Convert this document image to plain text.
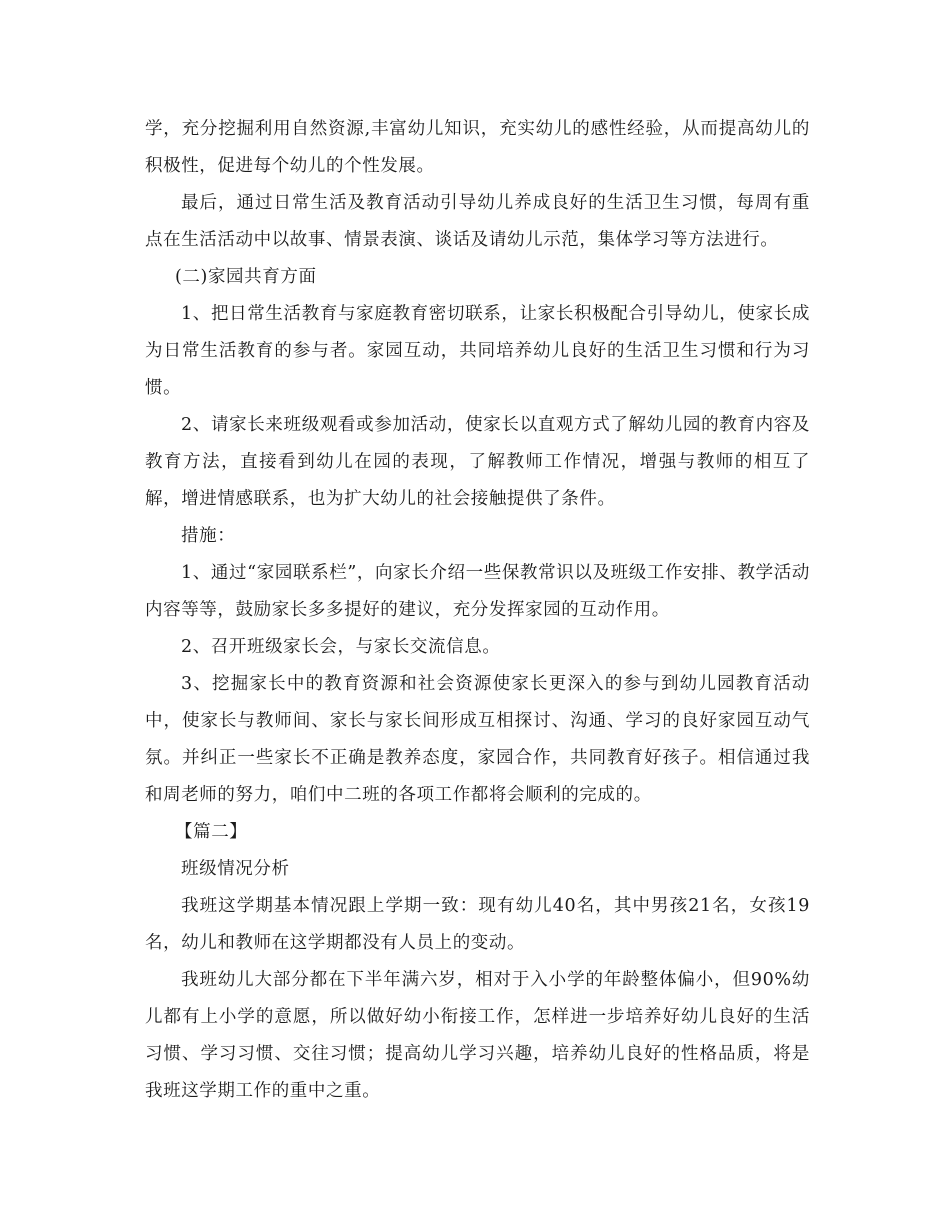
学，充分挖掘利用自然资源,丰富幼儿知识，充实幼儿的感性经验，从而提高幼儿的积极性，促进每个幼儿的个性发展。

最后，通过日常生活及教育活动引导幼儿养成良好的生活卫生习惯，每周有重点在生活活动中以故事、情景表演、谈话及请幼儿示范，集体学习等方法进行。

(二)家园共育方面

1、把日常生活教育与家庭教育密切联系，让家长积极配合引导幼儿，使家长成为日常生活教育的参与者。家园互动，共同培养幼儿良好的生活卫生习惯和行为习惯。

2、请家长来班级观看或参加活动，使家长以直观方式了解幼儿园的教育内容及教育方法，直接看到幼儿在园的表现，了解教师工作情况，增强与教师的相互了解，增进情感联系，也为扩大幼儿的社会接触提供了条件。

措施：

1、通过“家园联系栏”，向家长介绍一些保教常识以及班级工作安排、教学活动内容等等，鼓励家长多多提好的建议，充分发挥家园的互动作用。

2、召开班级家长会，与家长交流信息。

3、挖掘家长中的教育资源和社会资源使家长更深入的参与到幼儿园教育活动中，使家长与教师间、家长与家长间形成互相探讨、沟通、学习的良好家园互动气氛。并纠正一些家长不正确是教养态度，家园合作，共同教育好孩子。相信通过我和周老师的努力，咱们中二班的各项工作都将会顺利的完成的。

【篇二】

班级情况分析

我班这学期基本情况跟上学期一致：现有幼儿40名，其中男孩21名，女孩19名，幼儿和教师在这学期都没有人员上的变动。

我班幼儿大部分都在下半年满六岁，相对于入小学的年龄整体偏小，但90%幼儿都有上小学的意愿，所以做好幼小衔接工作，怎样进一步培养好幼儿良好的生活习惯、学习习惯、交往习惯；提高幼儿学习兴趣，培养幼儿良好的性格品质，将是我班这学期工作的重中之重。
